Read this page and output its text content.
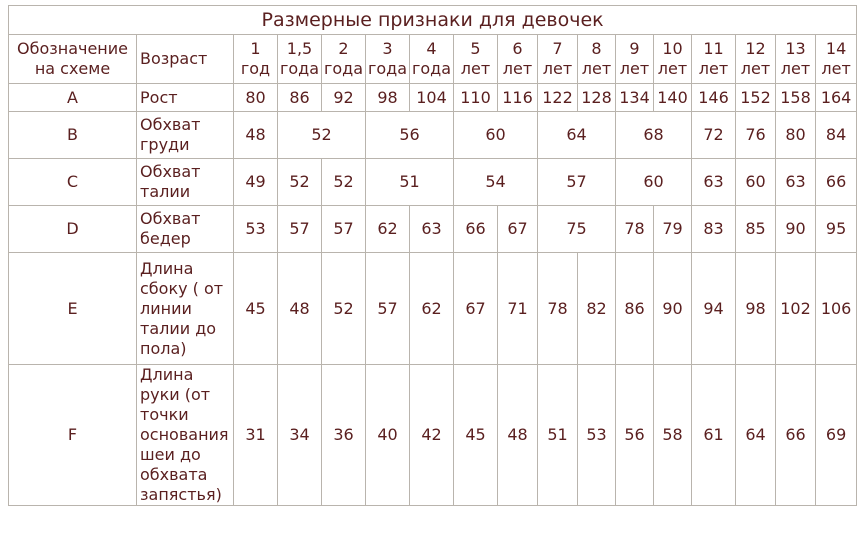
Размерные признаки для девочек																
Обозначение на схеме	Возраст	1 год	1,5 года	2 года	3 года	4 года	5 лет	6 лет	7 лет	8 лет	9 лет	10 лет	11 лет	12 лет	13 лет	14 лет
A	Рост	80	86	92	98	104	110	116	122	128	134	140	146	152	158	164
B	Обхват груди	48	52		56		60		64		68		72	76	80	84
C	Обхват талии	49	52	52	51		54		57		60		63	60	63	66
D	Обхват бедер	53	57	57	62	63	66	67	75		78	79	83	85	90	95
E	Длина сбоку ( от линии талии до пола)	45	48	52	57	62	67	71	78	82	86	90	94	98	102	106
F	Длина руки (от точки основания шеи до обхвата запястья)	31	34	36	40	42	45	48	51	53	56	58	61	64	66	69
